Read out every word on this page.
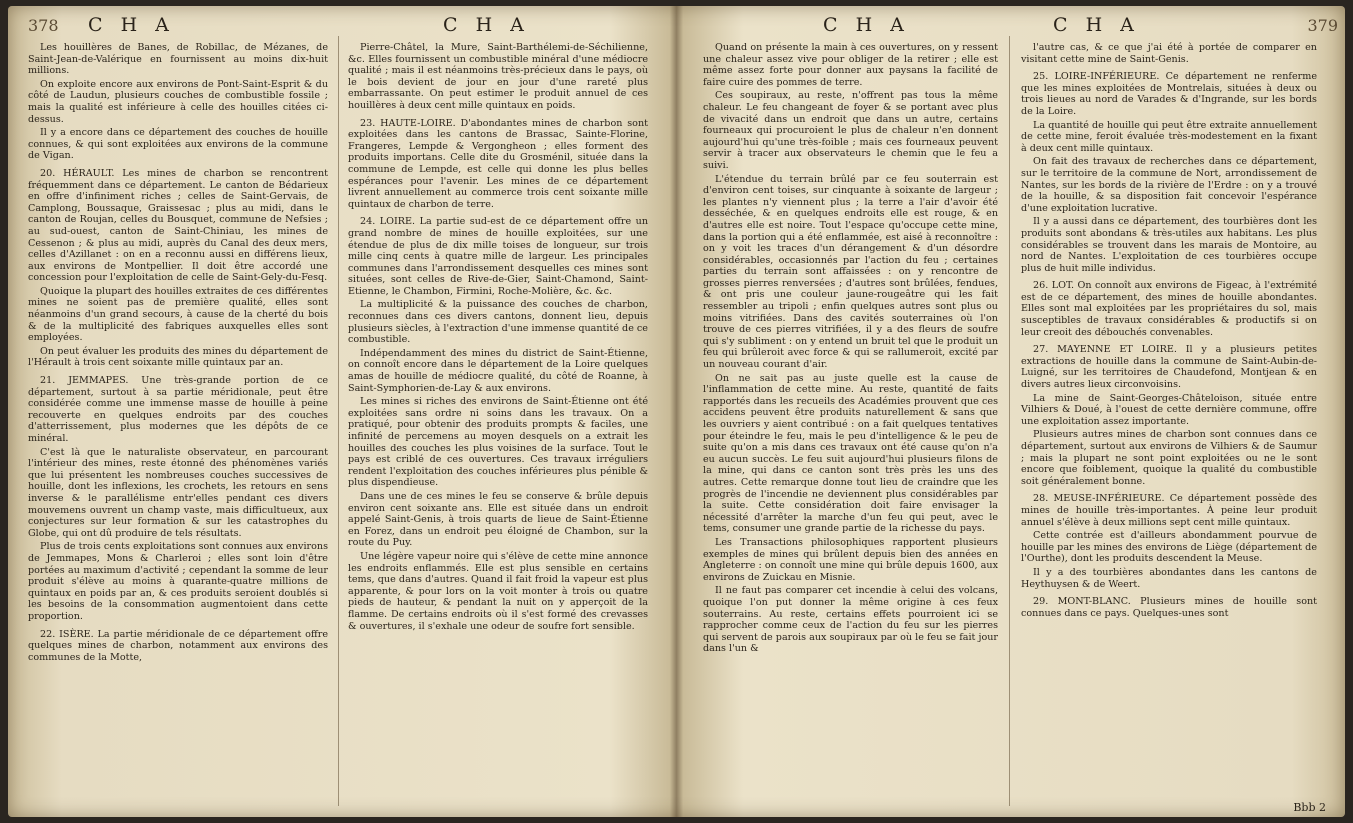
378 C H A	C H A

Les houillères de Banes, de Robillac, de Mézanes, de Saint-Jean-de-Valérique en fournissent au moins dix-huit millions.

On exploite encore aux environs de Pont-Saint-Esprit & du côté de Laudun, plusieurs couches de combustible fossile ; mais la qualité est inférieure à celle des houilles citées ci-dessus.

Il y a encore dans ce département des couches de houille connues, & qui sont exploitées aux environs de la commune de Vigan.

20. HÉRAULT. Les mines de charbon se rencontrent fréquemment dans ce département. Le canton de Bédarieux en offre d'infiniment riches ; celles de Saint-Gervais, de Camplong, Boussaque, Graissesac ; plus au midi, dans le canton de Roujan, celles du Bousquet, commune de Nefsies ; au sud-ouest, canton de Saint-Chiniau, les mines de Cessenon ; & plus au midi, auprès du Canal des deux mers, celles d'Azillanet : on en a reconnu aussi en différens lieux, aux environs de Montpellier. Il doit être accordé une concession pour l'exploitation de celle de Saint-Gely-du-Fesq.

Quoique la plupart des houilles extraites de ces différentes mines ne soient pas de première qualité, elles sont néanmoins d'un grand secours, à cause de la cherté du bois & de la multiplicité des fabriques auxquelles elles sont employées.

On peut évaluer les produits des mines du département de l'Hérault à trois cent soixante mille quintaux par an.

21. JEMMAPES. Une très-grande portion de ce département, surtout à sa partie méridionale, peut être considérée comme une immense masse de houille à peine recouverte en quelques endroits par des couches d'atterrissement, plus modernes que les dépôts de ce minéral.

C'est là que le naturaliste observateur, en parcourant l'intérieur des mines, reste étonné des phénomènes variés que lui présentent les nombreuses couches successives de houille, dont les inflexions, les crochets, les retours en sens inverse & le parallélisme entr'elles pendant ces divers mouvemens ouvrent un champ vaste, mais difficultueux, aux conjectures sur leur formation & sur les catastrophes du Globe, qui ont dû produire de tels résultats.

Plus de trois cents exploitations sont connues aux environs de Jemmapes, Mons & Charleroi ; elles sont loin d'être portées au maximum d'activité ; cependant la somme de leur produit s'élève au moins à quarante-quatre millions de quintaux en poids par an, & ces produits seroient doublés si les besoins de la consommation augmentoient dans cette proportion.

22. ISÈRE. La partie méridionale de ce département offre quelques mines de charbon, notamment aux environs des communes de la Motte,

Pierre-Châtel, la Mure, Saint-Barthélemi-de-Séchilienne, &c. Elles fournissent un combustible minéral d'une médiocre qualité ; mais il est néanmoins très-précieux dans le pays, où le bois devient de jour en jour d'une rareté plus embarrassante. On peut estimer le produit annuel de ces houillères à deux cent mille quintaux en poids.

23. HAUTE-LOIRE. D'abondantes mines de charbon sont exploitées dans les cantons de Brassac, Sainte-Florine, Frangeres, Lempde & Vergongheon ; elles forment des produits importans. Celle dite du Grosménil, située dans la commune de Lempde, est celle qui donne les plus belles espérances pour l'avenir. Les mines de ce département livrent annuellement au commerce trois cent soixante mille quintaux de charbon de terre.

24. LOIRE. La partie sud-est de ce département offre un grand nombre de mines de houille exploitées, sur une étendue de plus de dix mille toises de longueur, sur trois mille cinq cents à quatre mille de largeur. Les principales communes dans l'arrondissement desquelles ces mines sont situées, sont celles de Rive-de-Gier, Saint-Chamond, Saint-Etienne, le Chambon, Firmini, Roche-Molière, &c. &c.

La multiplicité & la puissance des couches de charbon, reconnues dans ces divers cantons, donnent lieu, depuis plusieurs siècles, à l'extraction d'une immense quantité de ce combustible.

Indépendamment des mines du district de Saint-Étienne, on connoît encore dans le département de la Loire quelques amas de houille de médiocre qualité, du côté de Roanne, à Saint-Symphorien-de-Lay & aux environs.

Les mines si riches des environs de Saint-Étienne ont été exploitées sans ordre ni soins dans les travaux. On a pratiqué, pour obtenir des produits prompts & faciles, une infinité de percemens au moyen desquels on a extrait les houilles des couches les plus voisines de la surface. Tout le pays est criblé de ces ouvertures. Ces travaux irréguliers rendent l'exploitation des couches inférieures plus pénible & plus dispendieuse.

Dans une de ces mines le feu se conserve & brûle depuis environ cent soixante ans. Elle est située dans un endroit appelé Saint-Genis, à trois quarts de lieue de Saint-Étienne en Forez, dans un endroit peu éloigné de Chambon, sur la route du Puy.

Une légère vapeur noire qui s'élève de cette mine annonce les endroits enflammés. Elle est plus sensible en certains tems, que dans d'autres. Quand il fait froid la vapeur est plus apparente, & pour lors on la voit monter à trois ou quatre pieds de hauteur, & pendant la nuit on y apperçoit de la flamme. De certains endroits où il s'est formé des crevasses & ouvertures, il s'exhale une odeur de soufre fort sensible.

C H A	C H A	379

Quand on présente la main à ces ouvertures, on y ressent une chaleur assez vive pour obliger de la retirer ; elle est même assez forte pour donner aux paysans la facilité de faire cuire des pommes de terre.

Ces soupiraux, au reste, n'offrent pas tous la même chaleur. Le feu changeant de foyer & se portant avec plus de vivacité dans un endroit que dans un autre, certains fourneaux qui procuroient le plus de chaleur n'en donnent aujourd'hui qu'une très-foible ; mais ces fourneaux peuvent servir à tracer aux observateurs le chemin que le feu a suivi.

L'étendue du terrain brûlé par ce feu souterrain est d'environ cent toises, sur cinquante à soixante de largeur ; les plantes n'y viennent plus ; la terre a l'air d'avoir été desséchée, & en quelques endroits elle est rouge, & en d'autres elle est noire. Tout l'espace qu'occupe cette mine, dans la portion qui a été enflammée, est aisé à reconnoître : on y voit les traces d'un dérangement & d'un désordre considérables, occasionnés par l'action du feu ; certaines parties du terrain sont affaissées : on y rencontre de grosses pierres renversées ; d'autres sont brûlées, fendues, & ont pris une couleur jaune-rougeâtre qui les fait ressembler au tripoli ; enfin quelques autres sont plus ou moins vitrifiées. Dans des cavités souterraines où l'on trouve de ces pierres vitrifiées, il y a des fleurs de soufre qui s'y subliment : on y entend un bruit tel que le produit un feu qui brûleroit avec force & qui se rallumeroit, excité par un nouveau courant d'air.

On ne sait pas au juste quelle est la cause de l'inflammation de cette mine. Au reste, quantité de faits rapportés dans les recueils des Académies prouvent que ces accidens peuvent être produits naturellement & sans que les ouvriers y aient contribué : on a fait quelques tentatives pour éteindre le feu, mais le peu d'intelligence & le peu de suite qu'on a mis dans ces travaux ont été cause qu'on n'a eu aucun succès. Le feu suit aujourd'hui plusieurs filons de la mine, qui dans ce canton sont très près les uns des autres. Cette remarque donne tout lieu de craindre que les progrès de l'incendie ne deviennent plus considérables par la suite. Cette considération doit faire envisager la nécessité d'arrêter la marche d'un feu qui peut, avec le tems, consumer une grande partie de la richesse du pays.

Les Transactions philosophiques rapportent plusieurs exemples de mines qui brûlent depuis bien des années en Angleterre : on connoît une mine qui brûle depuis 1600, aux environs de Zuickau en Misnie.

Il ne faut pas comparer cet incendie à celui des volcans, quoique l'on put donner la même origine à ces feux souterrains. Au reste, certains effets pourroient ici se rapprocher comme ceux de l'action du feu sur les pierres qui servent de parois aux soupiraux par où le feu se fait jour dans l'un &

l'autre cas, & ce que j'ai été à portée de comparer en visitant cette mine de Saint-Genis.

25. LOIRE-INFÉRIEURE. Ce département ne renferme que les mines exploitées de Montrelais, situées à deux ou trois lieues au nord de Varades & d'Ingrande, sur les bords de la Loire.

La quantité de houille qui peut être extraite annuellement de cette mine, feroit évaluée très-modestement en la fixant à deux cent mille quintaux.

On fait des travaux de recherches dans ce département, sur le territoire de la commune de Nort, arrondissement de Nantes, sur les bords de la rivière de l'Erdre : on y a trouvé de la houille, & sa disposition fait concevoir l'espérance d'une exploitation lucrative.

Il y a aussi dans ce département, des tourbières dont les produits sont abondans & très-utiles aux habitans. Les plus considérables se trouvent dans les marais de Montoire, au nord de Nantes. L'exploitation de ces tourbières occupe plus de huit mille individus.

26. LOT. On connoît aux environs de Figeac, à l'extrémité est de ce département, des mines de houille abondantes. Elles sont mal exploitées par les propriétaires du sol, mais susceptibles de travaux considérables & productifs si on leur creoit des débouchés convenables.

27. MAYENNE ET LOIRE. Il y a plusieurs petites extractions de houille dans la commune de Saint-Aubin-de-Luigné, sur les territoires de Chaudefond, Montjean & en divers autres lieux circonvoisins.

La mine de Saint-Georges-Châteloison, située entre Vilhiers & Doué, à l'ouest de cette dernière commune, offre une exploitation assez importante.

Plusieurs autres mines de charbon sont connues dans ce département, surtout aux environs de Vilhiers & de Saumur ; mais la plupart ne sont point exploitées ou ne le sont encore que foiblement, quoique la qualité du combustible soit généralement bonne.

28. MEUSE-INFÉRIEURE. Ce département possède des mines de houille très-importantes. À peine leur produit annuel s'élève à deux millions sept cent mille quintaux.

Cette contrée est d'ailleurs abondamment pourvue de houille par les mines des environs de Liège (département de l'Ourthe), dont les produits descendent la Meuse.

Il y a des tourbières abondantes dans les cantons de Heythuysen & de Weert.

29. MONT-BLANC. Plusieurs mines de houille sont connues dans ce pays. Quelques-unes sont

Bbb 2
